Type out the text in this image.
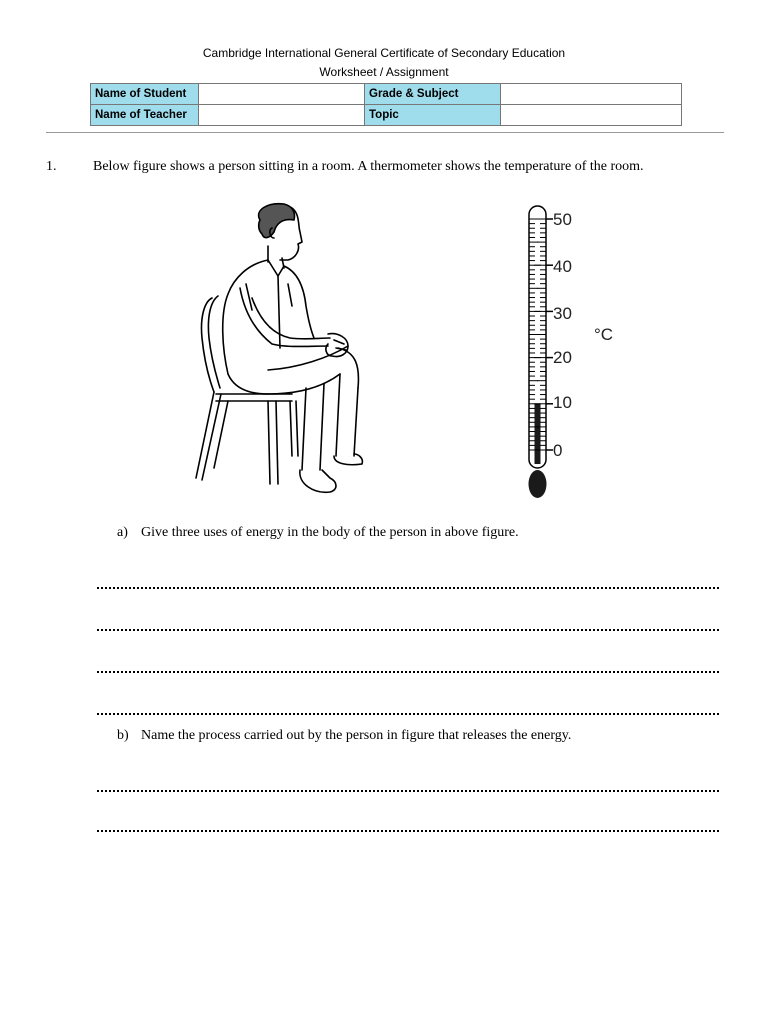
Cambridge International General Certificate of Secondary Education
Worksheet / Assignment
Name of Student		Grade & Subject	
Name of Teacher		Topic	
1.	Below figure shows a person sitting in a room. A thermometer shows the temperature of the room.
50
40
30
20
10
0
°C
a) Give three uses of energy in the body of the person in above figure.
b) Name the process carried out by the person in figure that releases the energy.
